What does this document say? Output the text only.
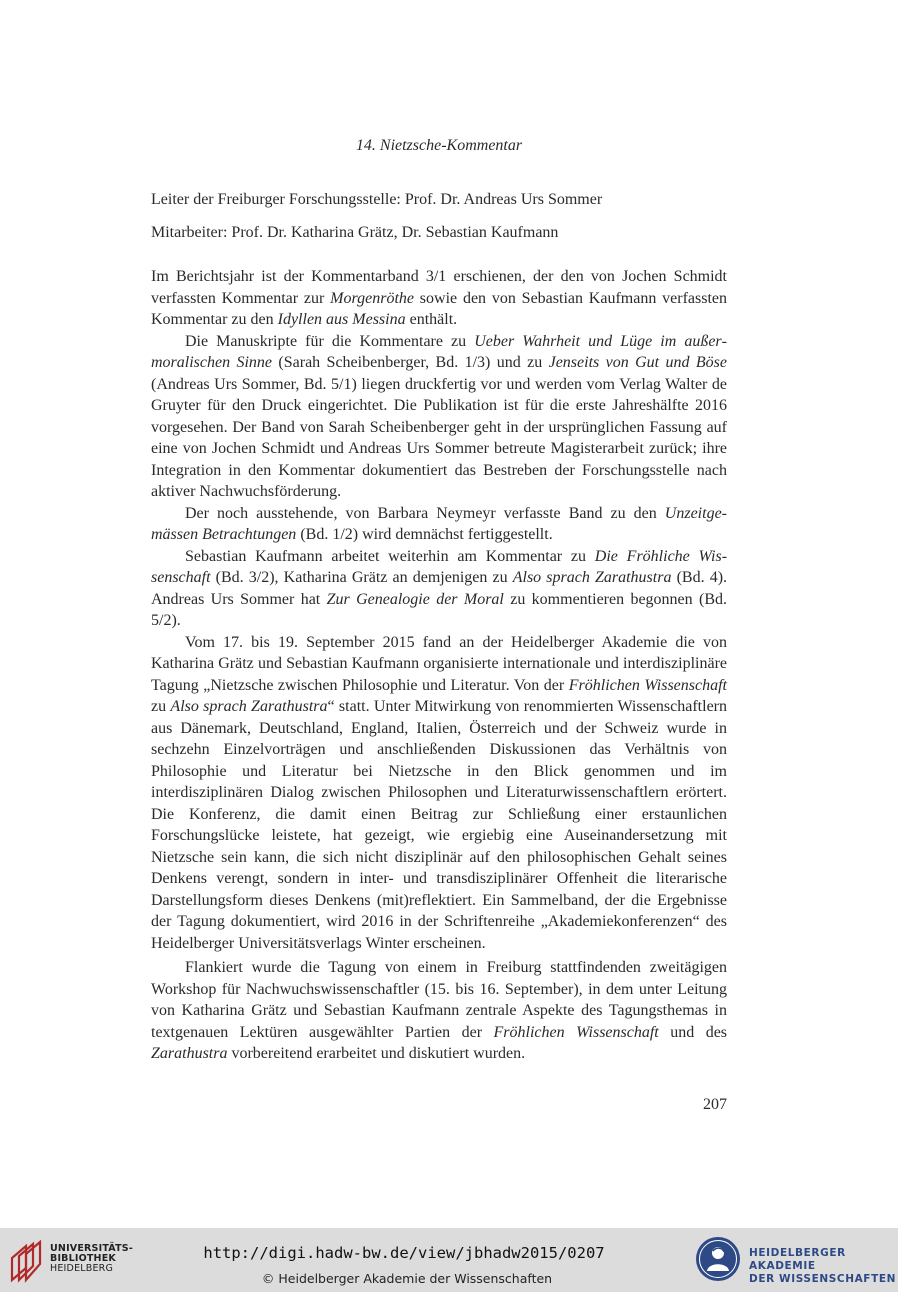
14. Nietzsche-Kommentar
Leiter der Freiburger Forschungsstelle: Prof. Dr. Andreas Urs Sommer
Mitarbeiter: Prof. Dr. Katharina Grätz, Dr. Sebastian Kaufmann

Im Berichtsjahr ist der Kommentarband 3/1 erschienen, der den von Jochen Schmidt verfassten Kommentar zur Morgenröthe sowie den von Sebastian Kaufmann verfassten Kommentar zu den Idyllen aus Messina enthält.

Die Manuskripte für die Kommentare zu Ueber Wahrheit und Lüge im außermoralischen Sinne (Sarah Scheibenberger, Bd. 1/3) und zu Jenseits von Gut und Böse (Andreas Urs Sommer, Bd. 5/1) liegen druckfertig vor und werden vom Verlag Walter de Gruyter für den Druck eingerichtet. Die Publikation ist für die erste Jahreshälfte 2016 vorgesehen. Der Band von Sarah Scheibenberger geht in der ursprünglichen Fassung auf eine von Jochen Schmidt und Andreas Urs Sommer betreute Magisterarbeit zurück; ihre Integration in den Kommentar dokumentiert das Bestreben der Forschungsstelle nach aktiver Nachwuchsförderung.

Der noch ausstehende, von Barbara Neymeyr verfasste Band zu den Unzeitgemässen Betrachtungen (Bd. 1/2) wird demnächst fertiggestellt.

Sebastian Kaufmann arbeitet weiterhin am Kommentar zu Die Fröhliche Wissenschaft (Bd. 3/2), Katharina Grätz an demjenigen zu Also sprach Zarathustra (Bd. 4). Andreas Urs Sommer hat Zur Genealogie der Moral zu kommentieren begonnen (Bd. 5/2).

Vom 17. bis 19. September 2015 fand an der Heidelberger Akademie die von Katharina Grätz und Sebastian Kaufmann organisierte internationale und interdisziplinäre Tagung „Nietzsche zwischen Philosophie und Literatur. Von der Fröhlichen Wissenschaft zu Also sprach Zarathustra“ statt. Unter Mitwirkung von renommierten Wissenschaftlern aus Dänemark, Deutschland, England, Italien, Österreich und der Schweiz wurde in sechzehn Einzelvorträgen und anschließenden Diskussionen das Verhältnis von Philosophie und Literatur bei Nietzsche in den Blick genommen und im interdisziplinären Dialog zwischen Philosophen und Literaturwissenschaftlern erörtert. Die Konferenz, die damit einen Beitrag zur Schließung einer erstaunlichen Forschungslücke leistete, hat gezeigt, wie ergiebig eine Auseinandersetzung mit Nietzsche sein kann, die sich nicht disziplinär auf den philosophischen Gehalt seines Denkens verengt, sondern in inter- und transdisziplinärer Offenheit die literarische Darstellungsform dieses Denkens (mit)reflektiert. Ein Sammelband, der die Ergebnisse der Tagung dokumentiert, wird 2016 in der Schriftenreihe „Akademiekonferenzen“ des Heidelberger Universitätsverlags Winter erscheinen.

Flankiert wurde die Tagung von einem in Freiburg stattfindenden zweitägigen Workshop für Nachwuchswissenschaftler (15. bis 16. September), in dem unter Leitung von Katharina Grätz und Sebastian Kaufmann zentrale Aspekte des Tagungsthemas in textgenauen Lektüren ausgewählter Partien der Fröhlichen Wissenschaft und des Zarathustra vorbereitend erarbeitet und diskutiert wurden.

207
UNIVERSITÄTS-
BIBLIOTHEK
HEIDELBERG
http://digi.hadw-bw.de/view/jbhadw2015/0207
© Heidelberger Akademie der Wissenschaften
HEIDELBERGER AKADEMIE
DER WISSENSCHAFTEN
